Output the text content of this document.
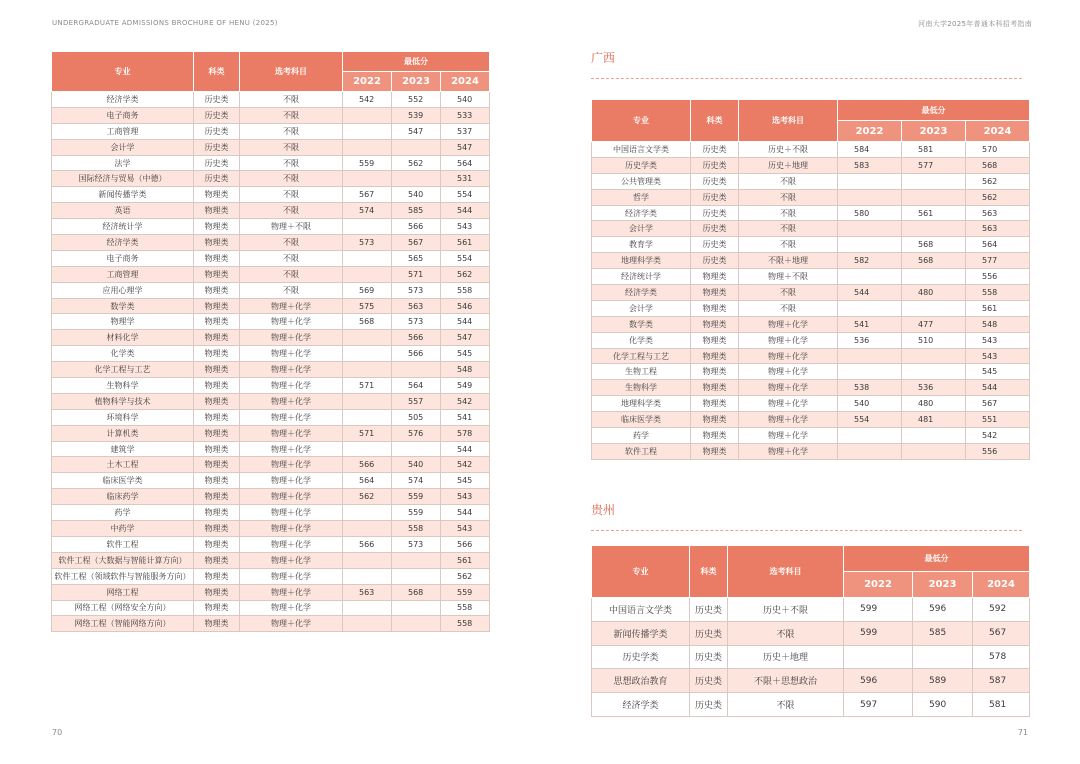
UNDERGRADUATE ADMISSIONS BROCHURE OF HENU (2025)	河南大学2025年普通本科招考指南
专业	科类	选考科目	最低分		
			2022	2023	2024
经济学类	历史类	不限	542	552	540
电子商务	历史类	不限		539	533
工商管理	历史类	不限		547	537
会计学	历史类	不限			547
法学	历史类	不限	559	562	564
国际经济与贸易（中德）	历史类	不限			531
新闻传播学类	物理类	不限	567	540	554
英语	物理类	不限	574	585	544
经济统计学	物理类	物理＋不限		566	543
经济学类	物理类	不限	573	567	561
电子商务	物理类	不限		565	554
工商管理	物理类	不限		571	562
应用心理学	物理类	不限	569	573	558
数学类	物理类	物理＋化学	575	563	546
物理学	物理类	物理＋化学	568	573	544
材料化学	物理类	物理＋化学		566	547
化学类	物理类	物理＋化学		566	545
化学工程与工艺	物理类	物理＋化学			548
生物科学	物理类	物理＋化学	571	564	549
植物科学与技术	物理类	物理＋化学		557	542
环境科学	物理类	物理＋化学		505	541
计算机类	物理类	物理＋化学	571	576	578
建筑学	物理类	物理＋化学			544
土木工程	物理类	物理＋化学	566	540	542
临床医学类	物理类	物理＋化学	564	574	545
临床药学	物理类	物理＋化学	562	559	543
药学	物理类	物理＋化学		559	544
中药学	物理类	物理＋化学		558	543
软件工程	物理类	物理＋化学	566	573	566
软件工程（大数据与智能计算方向）	物理类	物理＋化学			561
软件工程（领域软件与智能服务方向）	物理类	物理＋化学			562
网络工程	物理类	物理＋化学	563	568	559
网络工程（网络安全方向）	物理类	物理＋化学			558
网络工程（智能网络方向）	物理类	物理＋化学			558
广西
专业	科类	选考科目	最低分		
			2022	2023	2024
中国语言文学类	历史类	历史＋不限	584	581	570
历史学类	历史类	历史＋地理	583	577	568
公共管理类	历史类	不限			562
哲学	历史类	不限			562
经济学类	历史类	不限	580	561	563
会计学	历史类	不限			563
教育学	历史类	不限		568	564
地理科学类	历史类	不限＋地理	582	568	577
经济统计学	物理类	物理＋不限			556
经济学类	物理类	不限	544	480	558
会计学	物理类	不限			561
数学类	物理类	物理＋化学	541	477	548
化学类	物理类	物理＋化学	536	510	543
化学工程与工艺	物理类	物理＋化学			543
生物工程	物理类	物理＋化学			545
生物科学	物理类	物理＋化学	538	536	544
地理科学类	物理类	物理＋化学	540	480	567
临床医学类	物理类	物理＋化学	554	481	551
药学	物理类	物理＋化学			542
软件工程	物理类	物理＋化学			556
贵州
专业	科类	选考科目	最低分		
			2022	2023	2024
中国语言文学类	历史类	历史＋不限	599	596	592
新闻传播学类	历史类	不限	599	585	567
历史学类	历史类	历史＋地理			578
思想政治教育	历史类	不限＋思想政治	596	589	587
经济学类	历史类	不限	597	590	581
70	71
